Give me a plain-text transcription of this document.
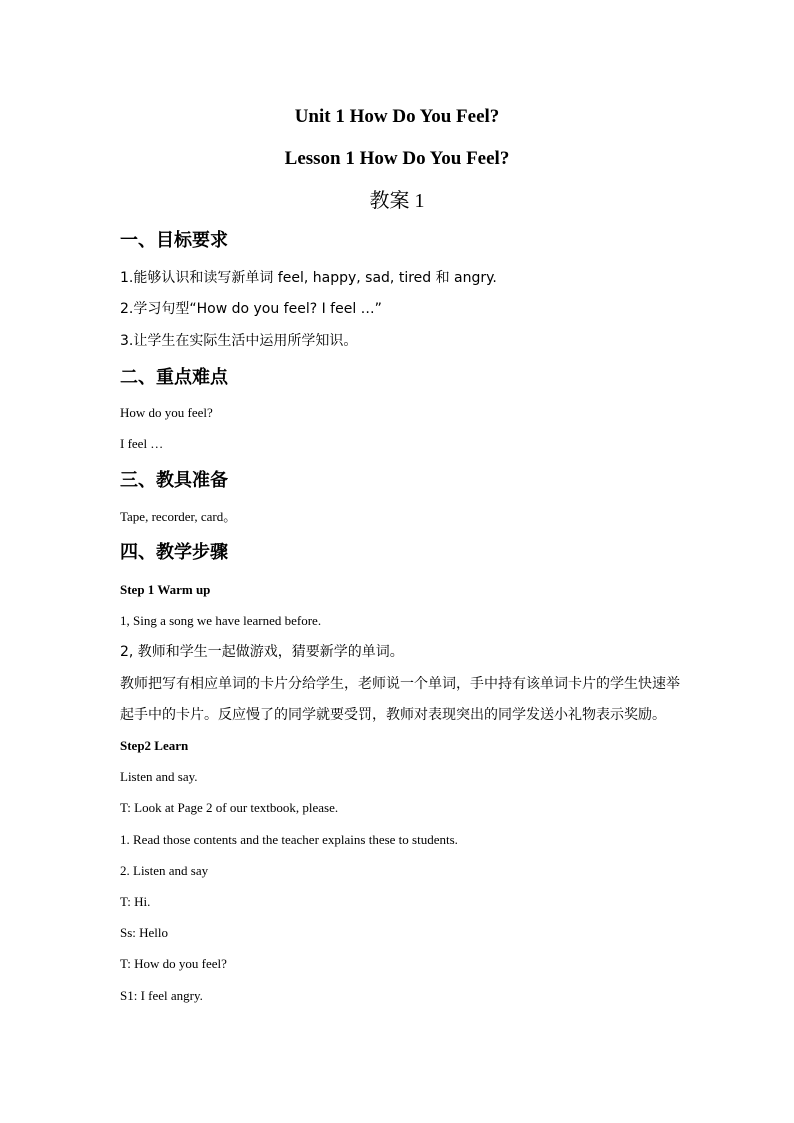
Unit 1 How Do You Feel?
Lesson 1 How Do You Feel?
教案 1
一、目标要求
1.能够认识和读写新单词 feel, happy, sad, tired 和 angry.
2.学习句型“How do you feel? I feel …”
3.让学生在实际生活中运用所学知识。
二、重点难点
How do you feel?
I feel …
三、教具准备
Tape, recorder, card。
四、教学步骤
Step 1 Warm up
1, Sing a song we have learned before.
2, 教师和学生一起做游戏，猜要新学的单词。
教师把写有相应单词的卡片分给学生，老师说一个单词，手中持有该单词卡片的学生快速举
起手中的卡片。反应慢了的同学就要受罚，教师对表现突出的同学发送小礼物表示奖励。
Step2 Learn
Listen and say.
T: Look at Page 2 of our textbook, please.
1. Read those contents and the teacher explains these to students.
2. Listen and say
T: Hi.
Ss: Hello
T: How do you feel?
S1: I feel angry.
